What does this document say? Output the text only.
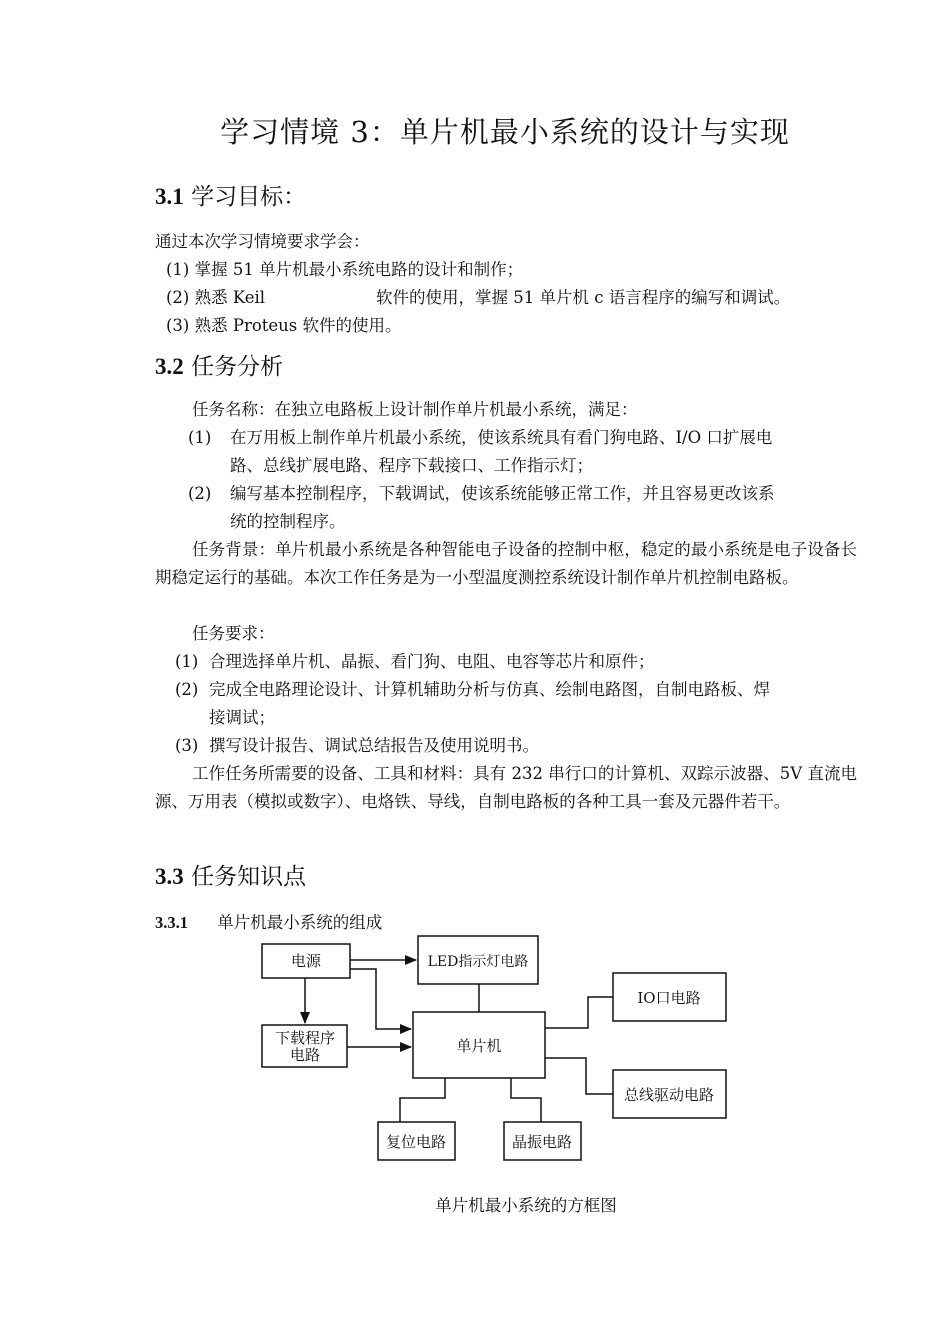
学习情境 3：单片机最小系统的设计与实现
3.1 学习目标：
通过本次学习情境要求学会：
(1) 掌握 51 单片机最小系统电路的设计和制作；
(2) 熟悉 Keil	软件的使用，掌握 51 单片机 c 语言程序的编写和调试。
(3) 熟悉 Proteus 软件的使用。
3.2 任务分析
任务名称：在独立电路板上设计制作单片机最小系统，满足：
(1) 在万用板上制作单片机最小系统，使该系统具有看门狗电路、I/O 口扩展电
路、总线扩展电路、程序下载接口、工作指示灯；
(2) 编写基本控制程序，下载调试，使该系统能够正常工作，并且容易更改该系
统的控制程序。
任务背景：单片机最小系统是各种智能电子设备的控制中枢，稳定的最小系统是电子设备长期稳定运行的基础。本次工作任务是为一小型温度测控系统设计制作单片机控制电路板。
任务要求：
(1) 合理选择单片机、晶振、看门狗、电阻、电容等芯片和原件；
(2) 完成全电路理论设计、计算机辅助分析与仿真、绘制电路图，自制电路板、焊
接调试；
(3) 撰写设计报告、调试总结报告及使用说明书。
工作任务所需要的设备、工具和材料：具有 232 串行口的计算机、双踪示波器、5V 直流电源、万用表（模拟或数字）、电烙铁、导线，自制电路板的各种工具一套及元器件若干。
3.3 任务知识点
3.3.1 单片机最小系统的组成
电源	LED指示灯电路
下载程序
电路	单片机
IO口电路
总线驱动电路
复位电路	晶振电路
单片机最小系统的方框图
